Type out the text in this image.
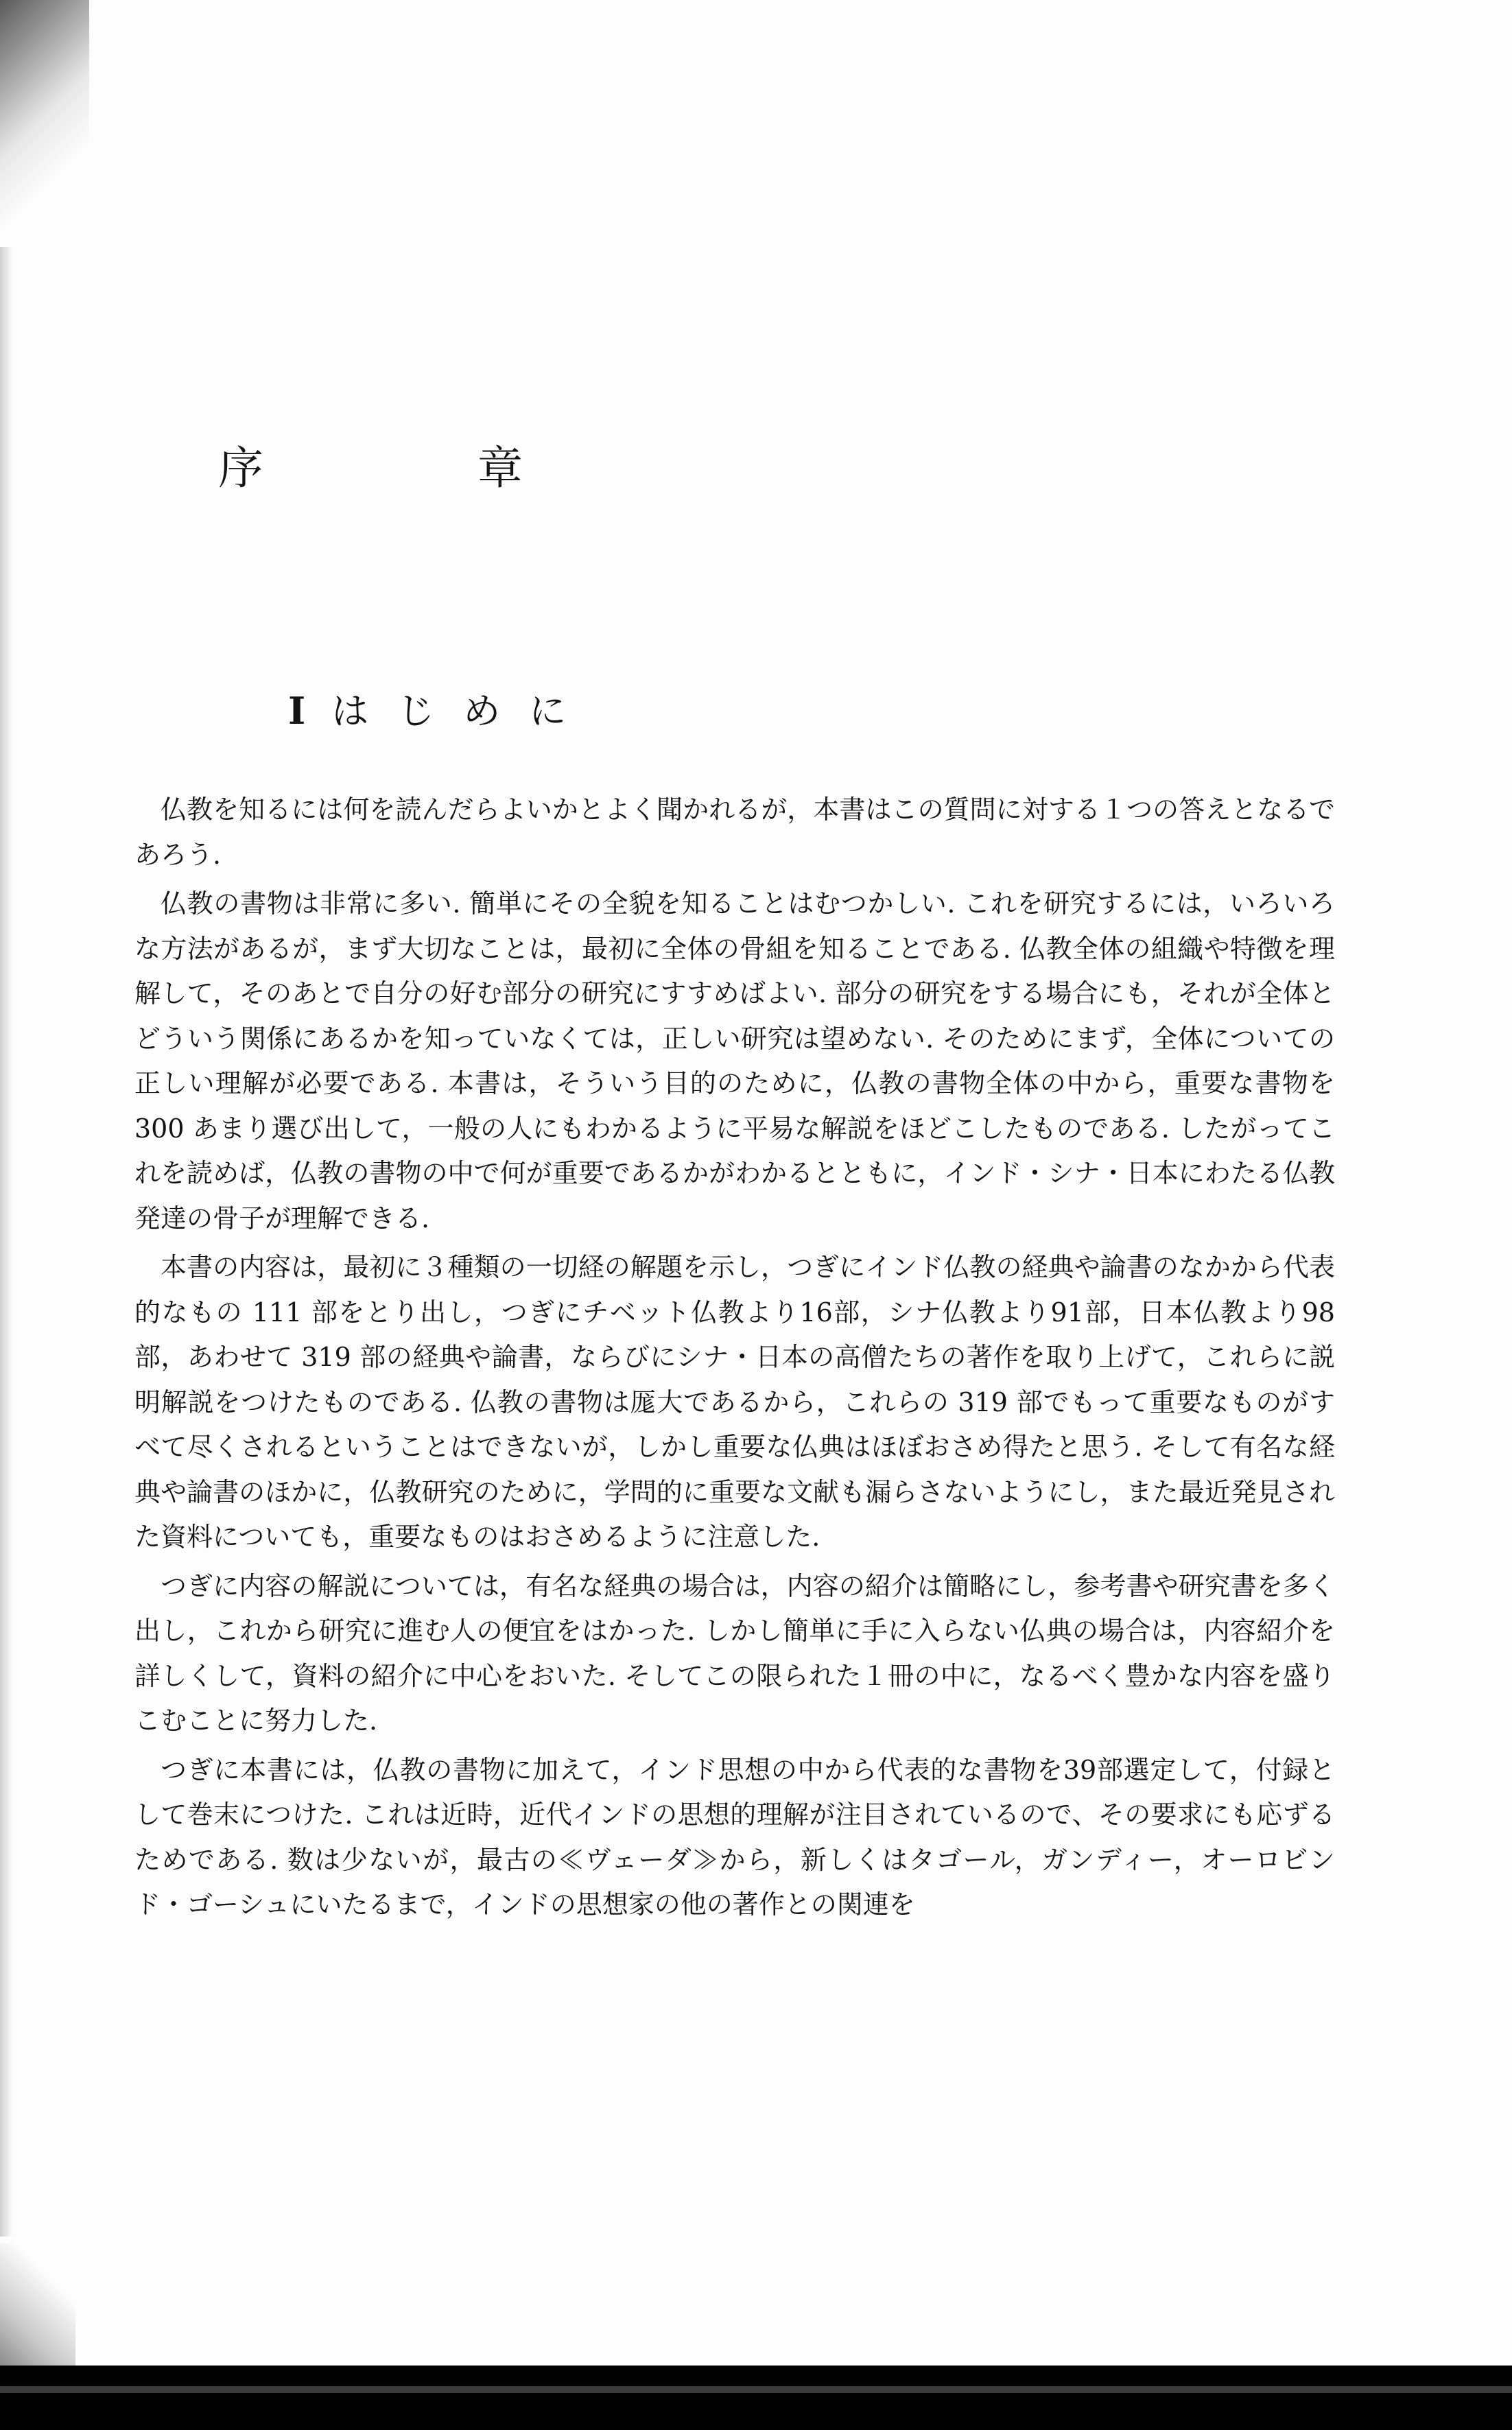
序	章
I はじめに

仏教を知るには何を読んだらよいかとよく聞かれるが，本書はこの質問に対する１つの答えとなるであろう.

仏教の書物は非常に多い. 簡単にその全貌を知ることはむつかしい. これを研究するには，いろいろな方法があるが，まず大切なことは，最初に全体の骨組を知ることである. 仏教全体の組織や特徴を理解して，そのあとで自分の好む部分の研究にすすめばよい. 部分の研究をする場合にも，それが全体とどういう関係にあるかを知っていなくては，正しい研究は望めない. そのためにまず，全体についての正しい理解が必要である. 本書は，そういう目的のために，仏教の書物全体の中から，重要な書物を 300 あまり選び出して，一般の人にもわかるように平易な解説をほどこしたものである. したがってこれを読めば，仏教の書物の中で何が重要であるかがわかるとともに，インド・シナ・日本にわたる仏教発達の骨子が理解できる.

本書の内容は，最初に３種類の一切経の解題を示し，つぎにインド仏教の経典や論書のなかから代表的なもの 111 部をとり出し，つぎにチベット仏教より16部，シナ仏教より91部，日本仏教より98部，あわせて 319 部の経典や論書，ならびにシナ・日本の高僧たちの著作を取り上げて，これらに説明解説をつけたものである. 仏教の書物は厖大であるから，これらの 319 部でもって重要なものがすべて尽くされるということはできないが，しかし重要な仏典はほぼおさめ得たと思う. そして有名な経典や論書のほかに，仏教研究のために，学問的に重要な文献も漏らさないようにし，また最近発見された資料についても，重要なものはおさめるように注意した.

つぎに内容の解説については，有名な経典の場合は，内容の紹介は簡略にし，参考書や研究書を多く出し，これから研究に進む人の便宜をはかった. しかし簡単に手に入らない仏典の場合は，内容紹介を詳しくして，資料の紹介に中心をおいた. そしてこの限られた１冊の中に，なるべく豊かな内容を盛りこむことに努力した.

つぎに本書には，仏教の書物に加えて，インド思想の中から代表的な書物を39部選定して，付録として巻末につけた. これは近時，近代インドの思想的理解が注目されているので、その要求にも応ずるためである. 数は少ないが，最古の≪ヴェーダ≫から，新しくはタゴール，ガンディー，オーロビンド・ゴーシュにいたるまで，インドの思想家の他の著作との関連を
